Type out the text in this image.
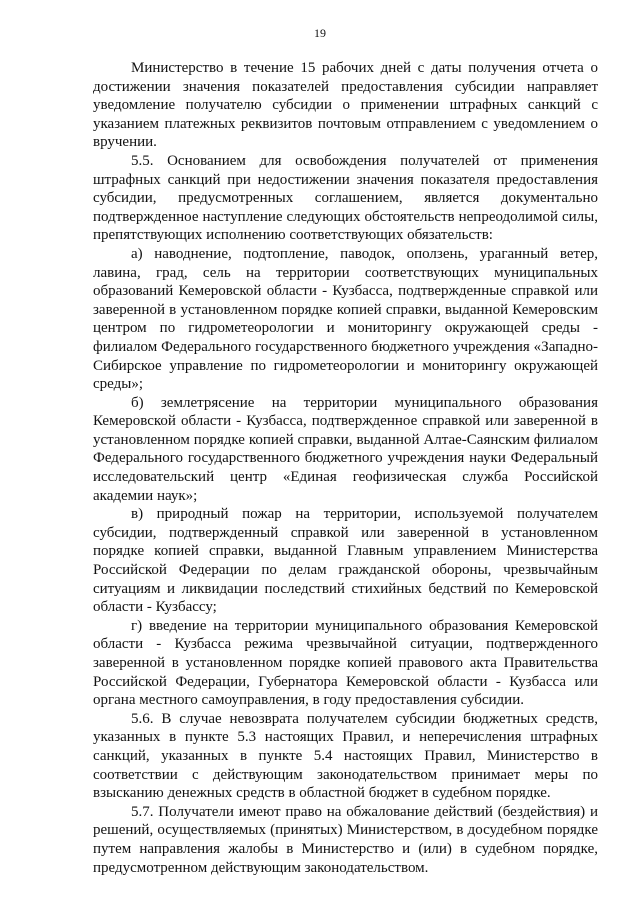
19

Министерство в течение 15 рабочих дней с даты получения отчета о достижении значения показателей предоставления субсидии направляет уведомление получателю субсидии о применении штрафных санкций с указанием платежных реквизитов почтовым отправлением с уведомлением о вручении.

5.5. Основанием для освобождения получателей от применения штрафных санкций при недостижении значения показателя предоставления субсидии, предусмотренных соглашением, является документально подтвержденное наступление следующих обстоятельств непреодолимой силы, препятствующих исполнению соответствующих обязательств:

а) наводнение, подтопление, паводок, оползень, ураганный ветер, лавина, град, сель на территории соответствующих муниципальных образований Кемеровской области - Кузбасса, подтвержденные справкой или заверенной в установленном порядке копией справки, выданной Кемеровским центром по гидрометеорологии и мониторингу окружающей среды - филиалом Федерального государственного бюджетного учреждения «Западно-Сибирское управление по гидрометеорологии и мониторингу окружающей среды»;

б) землетрясение на территории муниципального образования Кемеровской области - Кузбасса, подтвержденное справкой или заверенной в установленном порядке копией справки, выданной Алтае-Саянским филиалом Федерального государственного бюджетного учреждения науки Федеральный исследовательский центр «Единая геофизическая служба Российской академии наук»;

в) природный пожар на территории, используемой получателем субсидии, подтвержденный справкой или заверенной в установленном порядке копией справки, выданной Главным управлением Министерства Российской Федерации по делам гражданской обороны, чрезвычайным ситуациям и ликвидации последствий стихийных бедствий по Кемеровской области - Кузбассу;

г) введение на территории муниципального образования Кемеровской области - Кузбасса режима чрезвычайной ситуации, подтвержденного заверенной в установленном порядке копией правового акта Правительства Российской Федерации, Губернатора Кемеровской области - Кузбасса или органа местного самоуправления, в году предоставления субсидии.

5.6. В случае невозврата получателем субсидии бюджетных средств, указанных в пункте 5.3 настоящих Правил, и неперечисления штрафных санкций, указанных в пункте 5.4 настоящих Правил, Министерство в соответствии с действующим законодательством принимает меры по взысканию денежных средств в областной бюджет в судебном порядке.

5.7. Получатели имеют право на обжалование действий (бездействия) и решений, осуществляемых (принятых) Министерством, в досудебном порядке путем направления жалобы в Министерство и (или) в судебном порядке, предусмотренном действующим законодательством.
